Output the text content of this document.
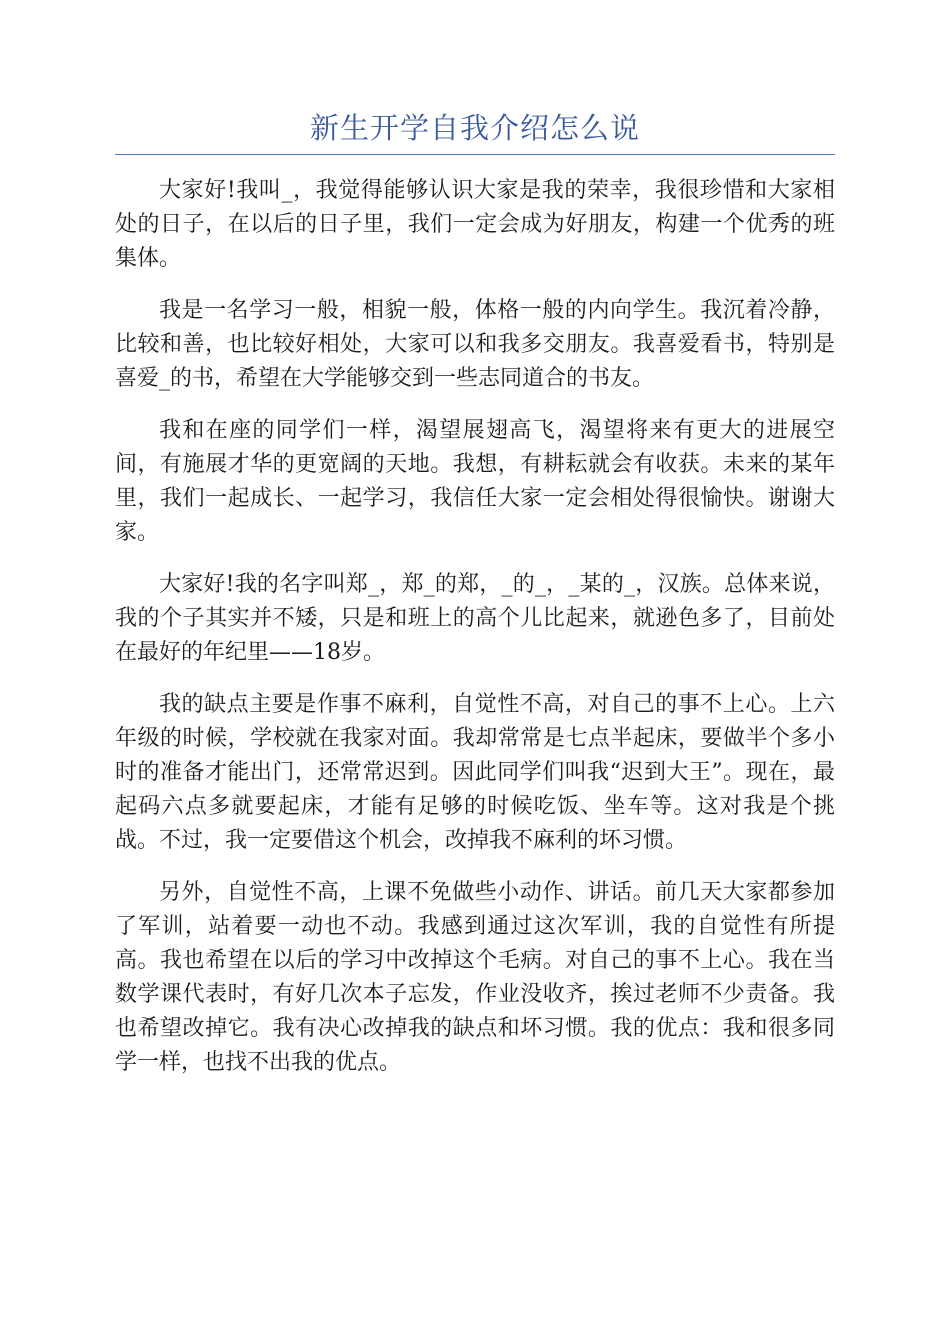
新生开学自我介绍怎么说

大家好!我叫_，我觉得能够认识大家是我的荣幸，我很珍惜和大家相处的日子，在以后的日子里，我们一定会成为好朋友，构建一个优秀的班集体。

我是一名学习一般，相貌一般，体格一般的内向学生。我沉着冷静，比较和善，也比较好相处，大家可以和我多交朋友。我喜爱看书，特别是喜爱_的书，希望在大学能够交到一些志同道合的书友。

我和在座的同学们一样，渴望展翅高飞，渴望将来有更大的进展空间，有施展才华的更宽阔的天地。我想，有耕耘就会有收获。未来的某年里，我们一起成长、一起学习，我信任大家一定会相处得很愉快。谢谢大家。

大家好!我的名字叫郑_，郑_的郑，_的_，_某的_，汉族。总体来说，我的个子其实并不矮，只是和班上的高个儿比起来，就逊色多了，目前处在最好的年纪里——18岁。

我的缺点主要是作事不麻利，自觉性不高，对自己的事不上心。上六年级的时候，学校就在我家对面。我却常常是七点半起床，要做半个多小时的准备才能出门，还常常迟到。因此同学们叫我“迟到大王”。现在，最起码六点多就要起床，才能有足够的时候吃饭、坐车等。这对我是个挑战。不过，我一定要借这个机会，改掉我不麻利的坏习惯。

另外，自觉性不高，上课不免做些小动作、讲话。前几天大家都参加了军训，站着要一动也不动。我感到通过这次军训，我的自觉性有所提高。我也希望在以后的学习中改掉这个毛病。对自己的事不上心。我在当数学课代表时，有好几次本子忘发，作业没收齐，挨过老师不少责备。我也希望改掉它。我有决心改掉我的缺点和坏习惯。我的优点：我和很多同学一样，也找不出我的优点。
